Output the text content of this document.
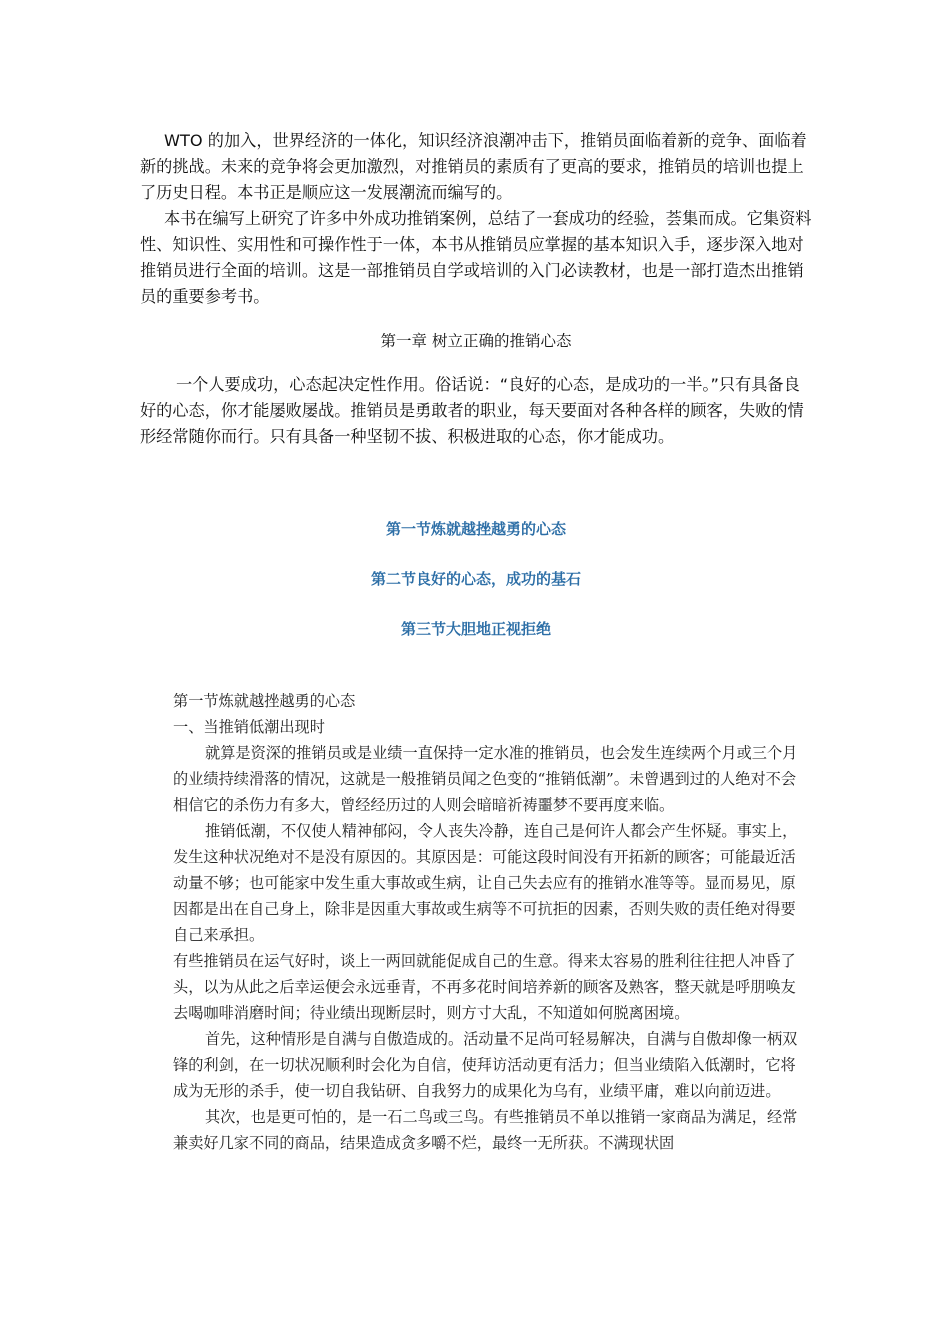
WTO 的加入，世界经济的一体化，知识经济浪潮冲击下，推销员面临着新的竞争、面临着新的挑战。未来的竞争将会更加激烈，对推销员的素质有了更高的要求，推销员的培训也提上了历史日程。本书正是顺应这一发展潮流而编写的。

本书在编写上研究了许多中外成功推销案例，总结了一套成功的经验，荟集而成。它集资料性、知识性、实用性和可操作性于一体，本书从推销员应掌握的基本知识入手，逐步深入地对推销员进行全面的培训。这是一部推销员自学或培训的入门必读教材，也是一部打造杰出推销员的重要参考书。

第一章 树立正确的推销心态

一个人要成功，心态起决定性作用。俗话说：“良好的心态，是成功的一半。”只有具备良好的心态，你才能屡败屡战。推销员是勇敢者的职业，每天要面对各种各样的顾客，失败的情形经常随你而行。只有具备一种坚韧不拔、积极进取的心态，你才能成功。

第一节炼就越挫越勇的心态
第二节良好的心态，成功的基石
第三节大胆地正视拒绝

第一节炼就越挫越勇的心态

一、当推销低潮出现时

就算是资深的推销员或是业绩一直保持一定水准的推销员，也会发生连续两个月或三个月的业绩持续滑落的情况，这就是一般推销员闻之色变的“推销低潮”。未曾遇到过的人绝对不会相信它的杀伤力有多大，曾经经历过的人则会暗暗祈祷噩梦不要再度来临。

推销低潮，不仅使人精神郁闷，令人丧失冷静，连自己是何许人都会产生怀疑。事实上，发生这种状况绝对不是没有原因的。其原因是：可能这段时间没有开拓新的顾客；可能最近活动量不够；也可能家中发生重大事故或生病，让自己失去应有的推销水准等等。显而易见，原因都是出在自己身上，除非是因重大事故或生病等不可抗拒的因素，否则失败的责任绝对得要自己来承担。

有些推销员在运气好时，谈上一两回就能促成自己的生意。得来太容易的胜利往往把人冲昏了头，以为从此之后幸运便会永远垂青，不再多花时间培养新的顾客及熟客，整天就是呼朋唤友去喝咖啡消磨时间；待业绩出现断层时，则方寸大乱，不知道如何脱离困境。

首先，这种情形是自满与自傲造成的。活动量不足尚可轻易解决，自满与自傲却像一柄双锋的利剑，在一切状况顺利时会化为自信，使拜访活动更有活力；但当业绩陷入低潮时，它将成为无形的杀手，使一切自我钻研、自我努力的成果化为乌有，业绩平庸，难以向前迈进。

其次，也是更可怕的，是一石二鸟或三鸟。有些推销员不单以推销一家商品为满足，经常兼卖好几家不同的商品，结果造成贪多嚼不烂，最终一无所获。不满现状固
